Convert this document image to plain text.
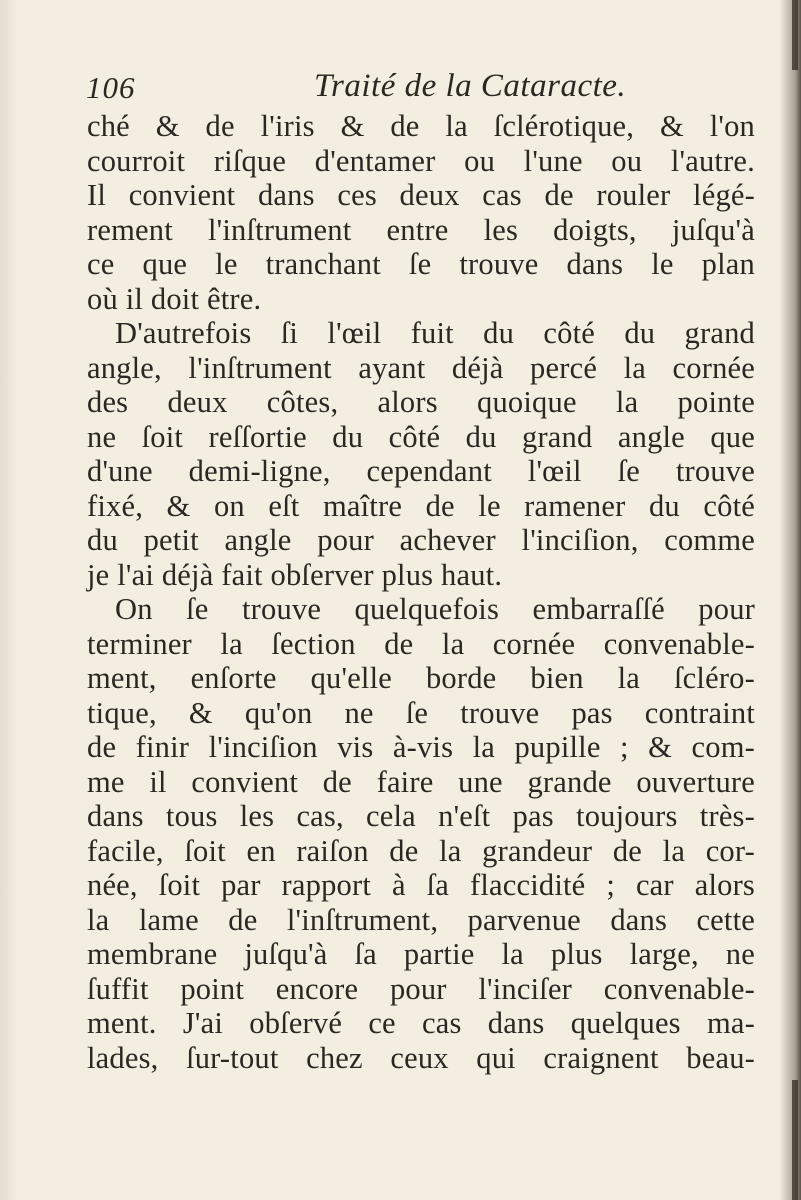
106	Traité de la Cataracte.
ché & de l'iris & de la ſclérotique, & l'on
courroit riſque d'entamer ou l'une ou l'autre.
Il convient dans ces deux cas de rouler légé-
rement l'inſtrument entre les doigts, juſqu'à
ce que le tranchant ſe trouve dans le plan
où il doit être.
D'autrefois ſi l'œil fuit du côté du grand
angle, l'inſtrument ayant déjà percé la cornée
des deux côtes, alors quoique la pointe
ne ſoit reſſortie du côté du grand angle que
d'une demi-ligne, cependant l'œil ſe trouve
fixé, & on eſt maître de le ramener du côté
du petit angle pour achever l'inciſion, comme
je l'ai déjà fait obſerver plus haut.
On ſe trouve quelquefois embarraſſé pour
terminer la ſection de la cornée convenable-
ment, enſorte qu'elle borde bien la ſcléro-
tique, & qu'on ne ſe trouve pas contraint
de finir l'inciſion vis à-vis la pupille ; & com-
me il convient de faire une grande ouverture
dans tous les cas, cela n'eſt pas toujours très-
facile, ſoit en raiſon de la grandeur de la cor-
née, ſoit par rapport à ſa flaccidité ; car alors
la lame de l'inſtrument, parvenue dans cette
membrane juſqu'à ſa partie la plus large, ne
ſuffit point encore pour l'inciſer convenable-
ment. J'ai obſervé ce cas dans quelques ma-
lades, ſur-tout chez ceux qui craignent beau-
